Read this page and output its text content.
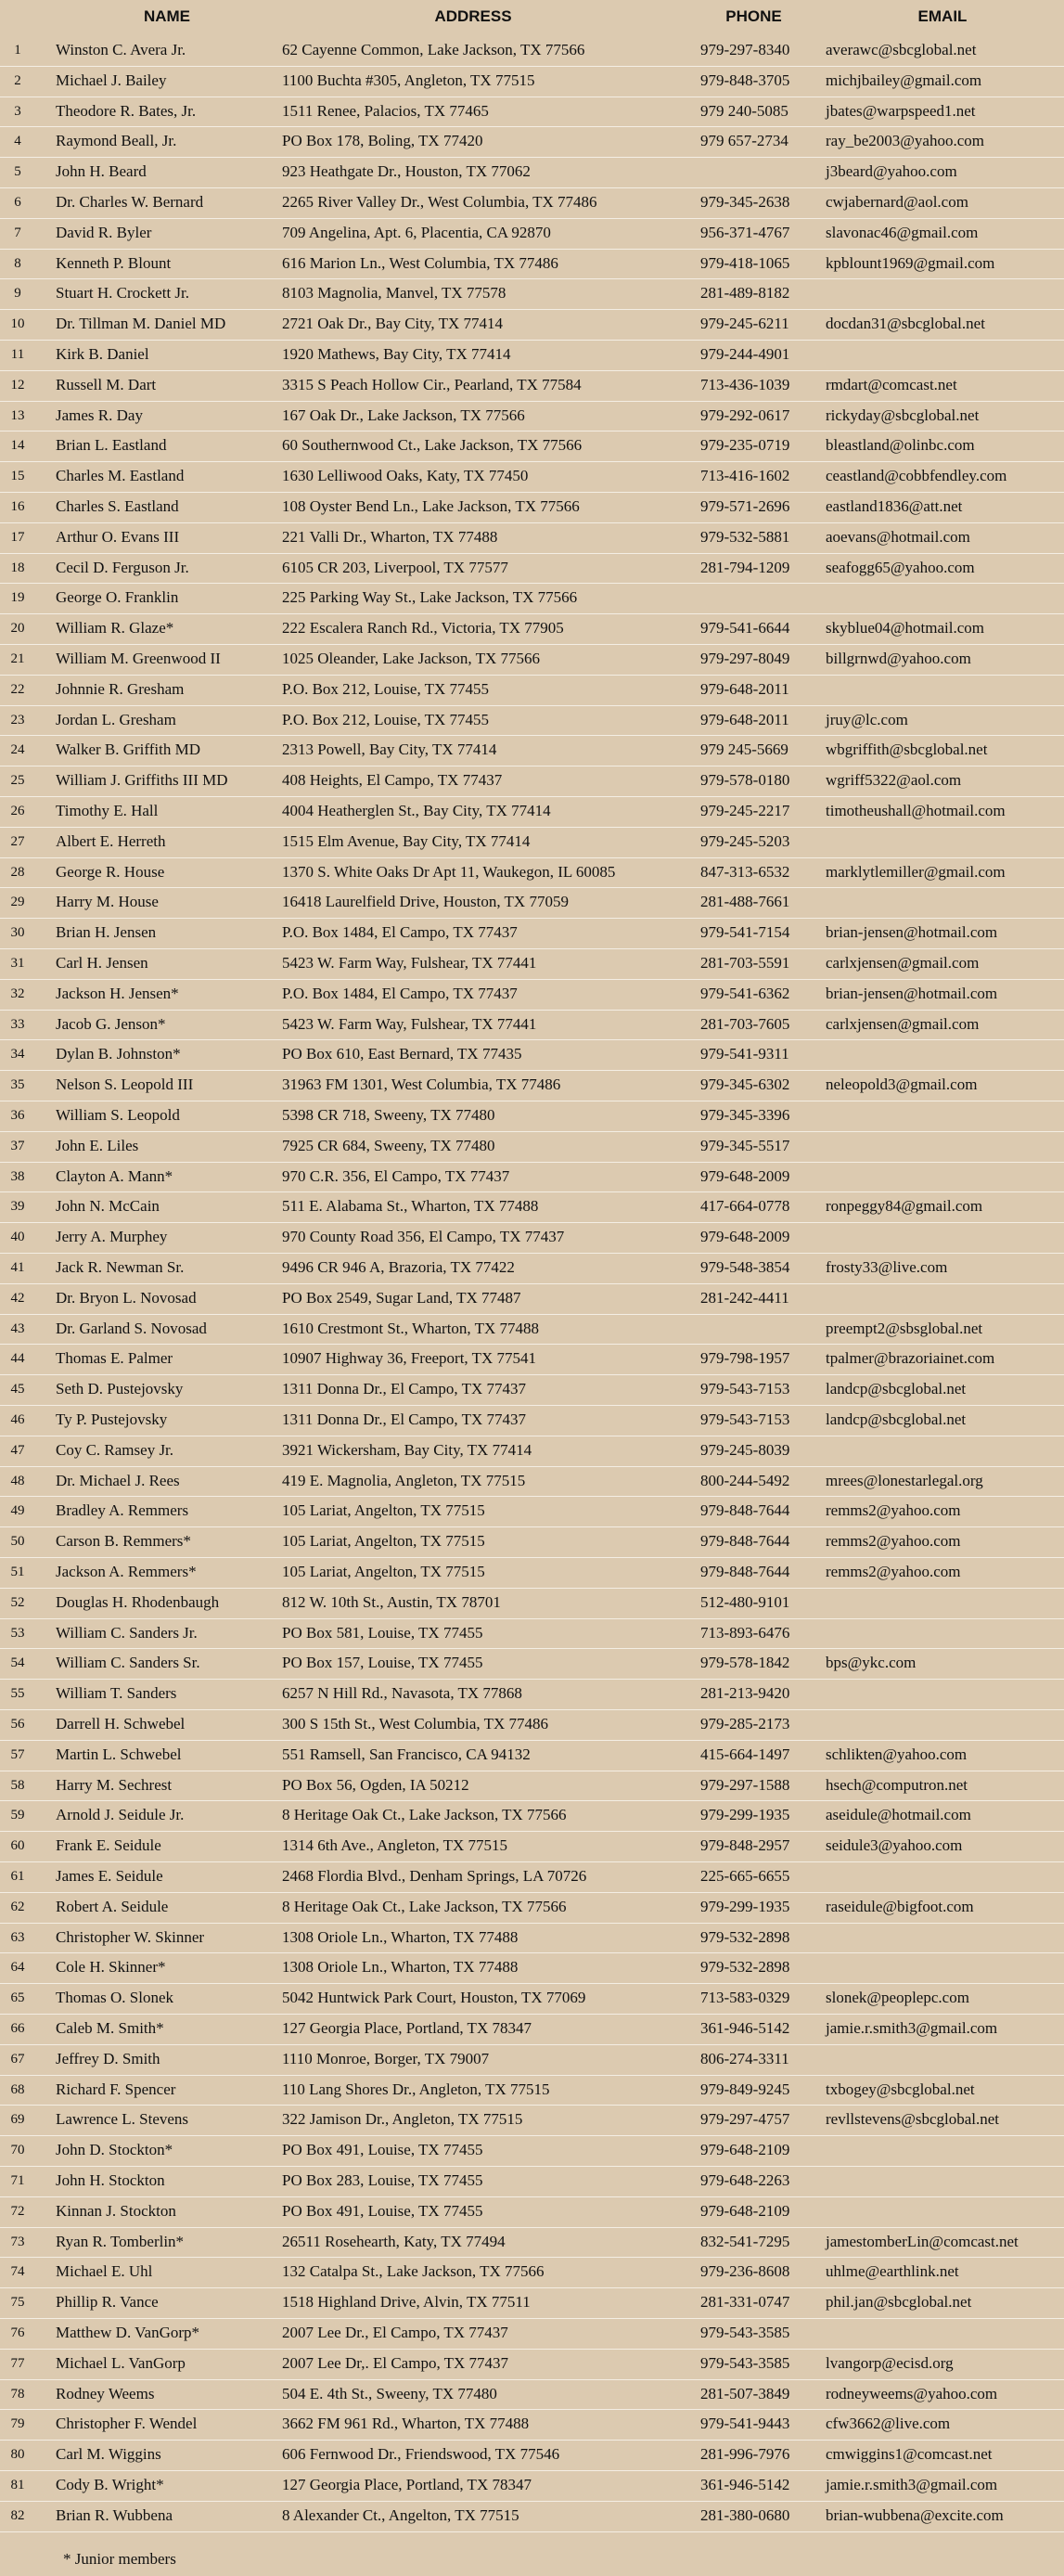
NAME	ADDRESS	PHONE	EMAIL
1	Winston C. Avera Jr.	62 Cayenne Common, Lake Jackson, TX 77566	979-297-8340 averawc@sbcglobal.net
2	Michael J. Bailey	1100 Buchta #305, Angleton, TX 77515	979-848-3705 michjbailey@gmail.com
3	Theodore R. Bates, Jr.	1511 Renee, Palacios, TX 77465	979 240-5085 jbates@warpspeed1.net
4	Raymond Beall, Jr.	PO Box 178, Boling, TX 77420	979 657-2734 ray_be2003@yahoo.com
5	John H. Beard	923 Heathgate Dr., Houston, TX 77062	j3beard@yahoo.com
6	Dr. Charles W. Bernard	2265 River Valley Dr., West Columbia, TX 77486	979-345-2638 cwjabernard@aol.com
7	David R. Byler	709 Angelina, Apt. 6, Placentia, CA 92870	956-371-4767 slavonac46@gmail.com
8	Kenneth P. Blount	616 Marion Ln., West Columbia, TX 77486	979-418-1065 kpblount1969@gmail.com
9	Stuart H. Crockett Jr.	8103 Magnolia, Manvel, TX 77578	281-489-8182
10	Dr. Tillman M. Daniel MD	2721 Oak Dr., Bay City, TX 77414	979-245-6211 docdan31@sbcglobal.net
11	Kirk B. Daniel	1920 Mathews, Bay City, TX 77414	979-244-4901
12	Russell M. Dart	3315 S Peach Hollow Cir., Pearland, TX 77584	713-436-1039 rmdart@comcast.net
13	James R. Day	167 Oak Dr., Lake Jackson, TX 77566	979-292-0617 rickyday@sbcglobal.net
14	Brian L. Eastland	60 Southernwood Ct., Lake Jackson, TX 77566	979-235-0719 bleastland@olinbc.com
15	Charles M. Eastland	1630 Lelliwood Oaks, Katy, TX 77450	713-416-1602 ceastland@cobbfendley.com
16	Charles S. Eastland	108 Oyster Bend Ln., Lake Jackson, TX 77566	979-571-2696 eastland1836@att.net
17	Arthur O. Evans III	221 Valli Dr., Wharton, TX 77488	979-532-5881 aoevans@hotmail.com
18	Cecil D. Ferguson Jr.	6105 CR 203, Liverpool, TX 77577	281-794-1209 seafogg65@yahoo.com
19	George O. Franklin	225 Parking Way St., Lake Jackson, TX 77566
20	William R. Glaze*	222 Escalera Ranch Rd., Victoria, TX 77905	979-541-6644 skyblue04@hotmail.com
21	William M. Greenwood II	1025 Oleander, Lake Jackson, TX 77566	979-297-8049 billgrnwd@yahoo.com
22	Johnnie R. Gresham	P.O. Box 212, Louise, TX 77455	979-648-2011
23	Jordan L. Gresham	P.O. Box 212, Louise, TX 77455	979-648-2011 jruy@lc.com
24	Walker B. Griffith MD	2313 Powell, Bay City, TX 77414	979 245-5669 wbgriffith@sbcglobal.net
25	William J. Griffiths III MD	408 Heights, El Campo, TX 77437	979-578-0180 wgriff5322@aol.com
26	Timothy E. Hall	4004 Heatherglen St., Bay City, TX 77414	979-245-2217 timotheushall@hotmail.com
27	Albert E. Herreth	1515 Elm Avenue, Bay City, TX 77414	979-245-5203
28	George R. House	1370 S. White Oaks Dr Apt 11, Waukegon, IL 60085	847-313-6532 marklytlemiller@gmail.com
29	Harry M. House	16418 Laurelfield Drive, Houston, TX 77059	281-488-7661
30	Brian H. Jensen	P.O. Box 1484, El Campo, TX 77437	979-541-7154 brian-jensen@hotmail.com
31	Carl H. Jensen	5423 W. Farm Way, Fulshear, TX 77441	281-703-5591 carlxjensen@gmail.com
32	Jackson H. Jensen*	P.O. Box 1484, El Campo, TX 77437	979-541-6362 brian-jensen@hotmail.com
33	Jacob G. Jenson*	5423 W. Farm Way, Fulshear, TX 77441	281-703-7605 carlxjensen@gmail.com
34	Dylan B. Johnston*	PO Box 610, East Bernard, TX 77435	979-541-9311
35	Nelson S. Leopold III	31963 FM 1301, West Columbia, TX 77486	979-345-6302 neleopold3@gmail.com
36	William S. Leopold	5398 CR 718, Sweeny, TX 77480	979-345-3396
37	John E. Liles	7925 CR 684, Sweeny, TX 77480	979-345-5517
38	Clayton A. Mann*	970 C.R. 356, El Campo, TX 77437	979-648-2009
39	John N. McCain	511 E. Alabama St., Wharton, TX 77488	417-664-0778 ronpeggy84@gmail.com
40	Jerry A. Murphey	970 County Road 356, El Campo, TX 77437	979-648-2009
41	Jack R. Newman Sr.	9496 CR 946 A, Brazoria, TX 77422	979-548-3854 frosty33@live.com
42	Dr. Bryon L. Novosad	PO Box 2549, Sugar Land, TX 77487	281-242-4411
43	Dr. Garland S. Novosad	1610 Crestmont St., Wharton, TX 77488	preempt2@sbsglobal.net
44	Thomas E. Palmer	10907 Highway 36, Freeport, TX 77541	979-798-1957 tpalmer@brazoriainet.com
45	Seth D. Pustejovsky	1311 Donna Dr., El Campo, TX 77437	979-543-7153 landcp@sbcglobal.net
46	Ty P. Pustejovsky	1311 Donna Dr., El Campo, TX 77437	979-543-7153 landcp@sbcglobal.net
47	Coy C. Ramsey Jr.	3921 Wickersham, Bay City, TX 77414	979-245-8039
48	Dr. Michael J. Rees	419 E. Magnolia, Angleton, TX 77515	800-244-5492 mrees@lonestarlegal.org
49	Bradley A. Remmers	105 Lariat, Angelton, TX 77515	979-848-7644 remms2@yahoo.com
50	Carson B. Remmers*	105 Lariat, Angelton, TX 77515	979-848-7644 remms2@yahoo.com
51	Jackson A. Remmers*	105 Lariat, Angelton, TX 77515	979-848-7644 remms2@yahoo.com
52	Douglas H. Rhodenbaugh	812 W. 10th St., Austin, TX 78701	512-480-9101
53	William C. Sanders Jr.	PO Box 581, Louise, TX 77455	713-893-6476
54	William C. Sanders Sr.	PO Box 157, Louise, TX 77455	979-578-1842 bps@ykc.com
55	William T. Sanders	6257 N Hill Rd., Navasota, TX 77868	281-213-9420
56	Darrell H. Schwebel	300 S 15th St., West Columbia, TX 77486	979-285-2173
57	Martin L. Schwebel	551 Ramsell, San Francisco, CA 94132	415-664-1497 schlikten@yahoo.com
58	Harry M. Sechrest	PO Box 56, Ogden, IA 50212	979-297-1588 hsech@computron.net
59	Arnold J. Seidule Jr.	8 Heritage Oak Ct., Lake Jackson, TX 77566	979-299-1935 aseidule@hotmail.com
60	Frank E. Seidule	1314 6th Ave., Angleton, TX 77515	979-848-2957 seidule3@yahoo.com
61	James E. Seidule	2468 Flordia Blvd., Denham Springs, LA 70726	225-665-6655
62	Robert A. Seidule	8 Heritage Oak Ct., Lake Jackson, TX 77566	979-299-1935 raseidule@bigfoot.com
63	Christopher W. Skinner	1308 Oriole Ln., Wharton, TX 77488	979-532-2898
64	Cole H. Skinner*	1308 Oriole Ln., Wharton, TX 77488	979-532-2898
65	Thomas O. Slonek	5042 Huntwick Park Court, Houston, TX 77069	713-583-0329 slonek@peoplepc.com
66	Caleb M. Smith*	127 Georgia Place, Portland, TX 78347	361-946-5142 jamie.r.smith3@gmail.com
67	Jeffrey D. Smith	1110 Monroe, Borger, TX 79007	806-274-3311
68	Richard F. Spencer	110 Lang Shores Dr., Angleton, TX 77515	979-849-9245 txbogey@sbcglobal.net
69	Lawrence L. Stevens	322 Jamison Dr., Angleton, TX 77515	979-297-4757 revllstevens@sbcglobal.net
70	John D. Stockton*	PO Box 491, Louise, TX 77455	979-648-2109
71	John H. Stockton	PO Box 283, Louise, TX 77455	979-648-2263
72	Kinnan J. Stockton	PO Box 491, Louise, TX 77455	979-648-2109
73	Ryan R. Tomberlin*	26511 Rosehearth, Katy, TX 77494	832-541-7295 jamestomberLin@comcast.net
74	Michael E. Uhl	132 Catalpa St., Lake Jackson, TX 77566	979-236-8608 uhlme@earthlink.net
75	Phillip R. Vance	1518 Highland Drive, Alvin, TX 77511	281-331-0747 phil.jan@sbcglobal.net
76	Matthew D. VanGorp*	2007 Lee Dr., El Campo, TX 77437	979-543-3585
77	Michael L. VanGorp	2007 Lee Dr,. El Campo, TX 77437	979-543-3585 lvangorp@ecisd.org
78	Rodney Weems	504 E. 4th St., Sweeny, TX 77480	281-507-3849 rodneyweems@yahoo.com
79	Christopher F. Wendel	3662 FM 961 Rd., Wharton, TX 77488	979-541-9443 cfw3662@live.com
80	Carl M. Wiggins	606 Fernwood Dr., Friendswood, TX 77546	281-996-7976 cmwiggins1@comcast.net
81	Cody B. Wright*	127 Georgia Place, Portland, TX 78347	361-946-5142 jamie.r.smith3@gmail.com
82	Brian R. Wubbena	8 Alexander Ct., Angelton, TX 77515	281-380-0680 brian-wubbena@excite.com
* Junior members
